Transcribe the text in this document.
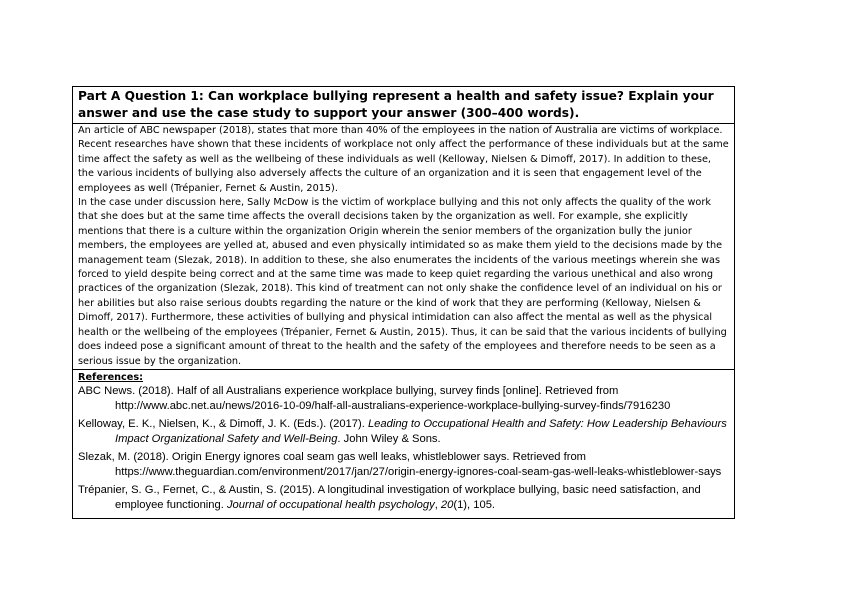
Part A Question 1: Can workplace bullying represent a health and safety issue? Explain your answer and use the case study to support your answer (300–400 words).

An article of ABC newspaper (2018), states that more than 40% of the employees in the nation of Australia are victims of workplace. Recent researches have shown that these incidents of workplace not only affect the performance of these individuals but at the same time affect the safety as well as the wellbeing of these individuals as well (Kelloway, Nielsen & Dimoff, 2017). In addition to these, the various incidents of bullying also adversely affects the culture of an organization and it is seen that engagement level of the employees as well (Trépanier, Fernet & Austin, 2015).

In the case under discussion here, Sally McDow is the victim of workplace bullying and this not only affects the quality of the work that she does but at the same time affects the overall decisions taken by the organization as well. For example, she explicitly mentions that there is a culture within the organization Origin wherein the senior members of the organization bully the junior members, the employees are yelled at, abused and even physically intimidated so as make them yield to the decisions made by the management team (Slezak, 2018). In addition to these, she also enumerates the incidents of the various meetings wherein she was forced to yield despite being correct and at the same time was made to keep quiet regarding the various unethical and also wrong practices of the organization (Slezak, 2018). This kind of treatment can not only shake the confidence level of an individual on his or her abilities but also raise serious doubts regarding the nature or the kind of work that they are performing (Kelloway, Nielsen & Dimoff, 2017). Furthermore, these activities of bullying and physical intimidation can also affect the mental as well as the physical health or the wellbeing of the employees (Trépanier, Fernet & Austin, 2015). Thus, it can be said that the various incidents of bullying does indeed pose a significant amount of threat to the health and the safety of the employees and therefore needs to be seen as a serious issue by the organization.

References:

ABC News. (2018). Half of all Australians experience workplace bullying, survey finds [online]. Retrieved from http://www.abc.net.au/news/2016-10-09/half-all-australians-experience-workplace-bullying-survey-finds/7916230

Kelloway, E. K., Nielsen, K., & Dimoff, J. K. (Eds.). (2017). Leading to Occupational Health and Safety: How Leadership Behaviours Impact Organizational Safety and Well-Being. John Wiley & Sons.

Slezak, M. (2018). Origin Energy ignores coal seam gas well leaks, whistleblower says. Retrieved from https://www.theguardian.com/environment/2017/jan/27/origin-energy-ignores-coal-seam-gas-well-leaks-whistleblower-says

Trépanier, S. G., Fernet, C., & Austin, S. (2015). A longitudinal investigation of workplace bullying, basic need satisfaction, and employee functioning. Journal of occupational health psychology, 20(1), 105.
